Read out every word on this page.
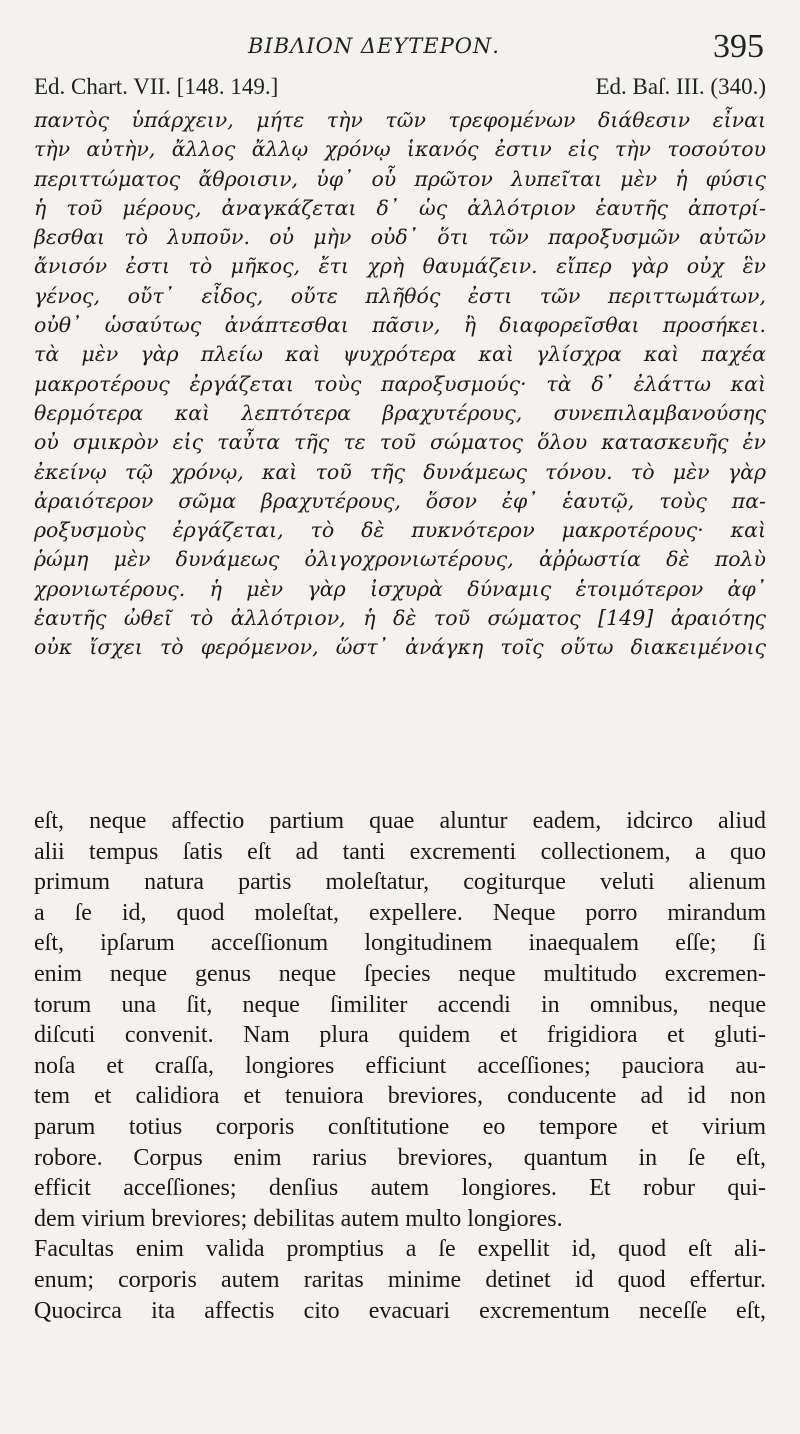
ΒΙΒΛΙΟΝ ΔΕΥΤΕΡΟΝ.	395
Ed. Chart. VII. [148. 149.]	Ed. Baſ. III. (340.)
παντὸς ὑπάρχειν, μήτε τὴν τῶν τρεφομένων διάθεσιν εἶναι
τὴν αὐτὴν, ἄλλος ἄλλῳ χρόνῳ ἱκανός ἐστιν εἰς τὴν τοσούτου
περιττώματος ἄθροισιν, ὑφ᾽ οὗ πρῶτον λυπεῖται μὲν ἡ φύσις
ἡ τοῦ μέρους, ἀναγκάζεται δ᾽ ὡς ἀλλότριον ἑαυτῆς ἀποτρί-
βεσθαι τὸ λυποῦν. οὐ μὴν οὐδ᾽ ὅτι τῶν παροξυσμῶν αὐτῶν
ἄνισόν ἐστι τὸ μῆκος, ἔτι χρὴ θαυμάζειν. εἴπερ γὰρ οὐχ ἓν
γένος, οὔτ᾽ εἶδος, οὔτε πλῆθός ἐστι τῶν περιττωμάτων,
οὐθ᾽ ὡσαύτως ἀνάπτεσθαι πᾶσιν, ἢ διαφορεῖσθαι προσήκει.
τὰ μὲν γὰρ πλείω καὶ ψυχρότερα καὶ γλίσχρα καὶ παχέα
μακροτέρους ἐργάζεται τοὺς παροξυσμούς· τὰ δ᾽ ἐλάττω καὶ
θερμότερα καὶ λεπτότερα βραχυτέρους, συνεπιλαμβανούσης
οὐ σμικρὸν εἰς ταὖτα τῆς τε τοῦ σώματος ὅλου κατασκευῆς ἐν
ἐκείνῳ τῷ χρόνῳ, καὶ τοῦ τῆς δυνάμεως τόνου. τὸ μὲν γὰρ
ἀραιότερον σῶμα βραχυτέρους, ὅσον ἐφ᾽ ἑαυτῷ, τοὺς πα-
ροξυσμοὺς ἐργάζεται, τὸ δὲ πυκνότερον μακροτέρους· καὶ
ῥώμη μὲν δυνάμεως ὀλιγοχρονιωτέρους, ἀῤῥωστία δὲ πολὺ
χρονιωτέρους. ἡ μὲν γὰρ ἰσχυρὰ δύναμις ἑτοιμότερον ἀφ᾽
ἑαυτῆς ὠθεῖ τὸ ἀλλότριον, ἡ δὲ τοῦ σώματος [149] ἀραιότης
οὐκ ἴσχει τὸ φερόμενον, ὥστ᾽ ἀνάγκη τοῖς οὕτω διακειμένοις
eſt, neque affectio partium quae aluntur eadem, idcirco aliud
alii tempus ſatis eſt ad tanti excrementi collectionem, a quo
primum natura partis moleſtatur, cogiturque veluti alienum
a ſe id, quod moleſtat, expellere. Neque porro mirandum
eſt, ipſarum acceſſionum longitudinem inaequalem eſſe; ſi
enim neque genus neque ſpecies neque multitudo excremen-
torum una ſit, neque ſimiliter accendi in omnibus, neque
diſcuti convenit. Nam plura quidem et frigidiora et gluti-
noſa et craſſa, longiores efficiunt acceſſiones; pauciora au-
tem et calidiora et tenuiora breviores, conducente ad id non
parum totius corporis conſtitutione eo tempore et virium
robore. Corpus enim rarius breviores, quantum in ſe eſt,
efficit acceſſiones; denſius autem longiores. Et robur qui-
dem virium breviores; debilitas autem multo longiores.
Facultas enim valida promptius a ſe expellit id, quod eſt ali-
enum; corporis autem raritas minime detinet id quod effertur.
Quocirca ita affectis cito evacuari excrementum neceſſe eſt,
